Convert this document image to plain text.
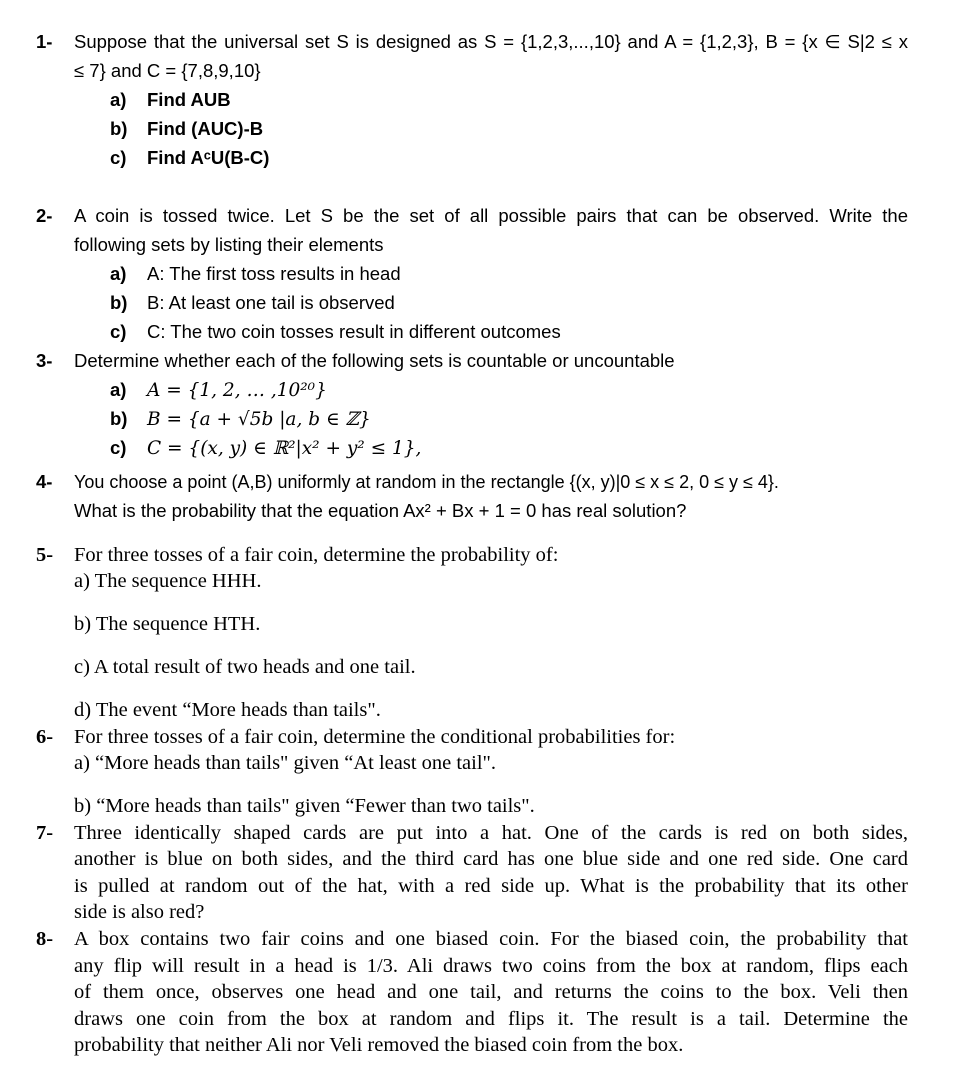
1- Suppose that the universal set S is designed as S = {1,2,3,...,10} and A = {1,2,3}, B = {x ∈ S|2 ≤ x
≤ 7} and C = {7,8,9,10}
a) Find AUB
b) Find (AUC)-B
c) Find AᶜU(B-C)
2- A coin is tossed twice. Let S be the set of all possible pairs that can be observed. Write the
following sets by listing their elements
a) A: The first toss results in head
b) B: At least one tail is observed
c) C: The two coin tosses result in different outcomes
3- Determine whether each of the following sets is countable or uncountable
a) A = {1, 2, … ,10²⁰}
b) B = {a + √5b |a, b ∈ ℤ}
c) C = {(x, y) ∈ ℝ²|x² + y² ≤ 1},
4- You choose a point (A,B) uniformly at random in the rectangle {(x, y)|0 ≤ x ≤ 2, 0 ≤ y ≤ 4}.
What is the probability that the equation Ax² + Bx + 1 = 0 has real solution?
5- For three tosses of a fair coin, determine the probability of:
a) The sequence HHH.
b) The sequence HTH.
c) A total result of two heads and one tail.
d) The event “More heads than tails".
6- For three tosses of a fair coin, determine the conditional probabilities for:
a) “More heads than tails" given “At least one tail".
b) “More heads than tails" given “Fewer than two tails".
7- Three identically shaped cards are put into a hat. One of the cards is red on both sides,
another is blue on both sides, and the third card has one blue side and one red side. One card
is pulled at random out of the hat, with a red side up. What is the probability that its other
side is also red?
8- A box contains two fair coins and one biased coin. For the biased coin, the probability that
any flip will result in a head is 1/3. Ali draws two coins from the box at random, flips each
of them once, observes one head and one tail, and returns the coins to the box. Veli then
draws one coin from the box at random and flips it. The result is a tail. Determine the
probability that neither Ali nor Veli removed the biased coin from the box.
